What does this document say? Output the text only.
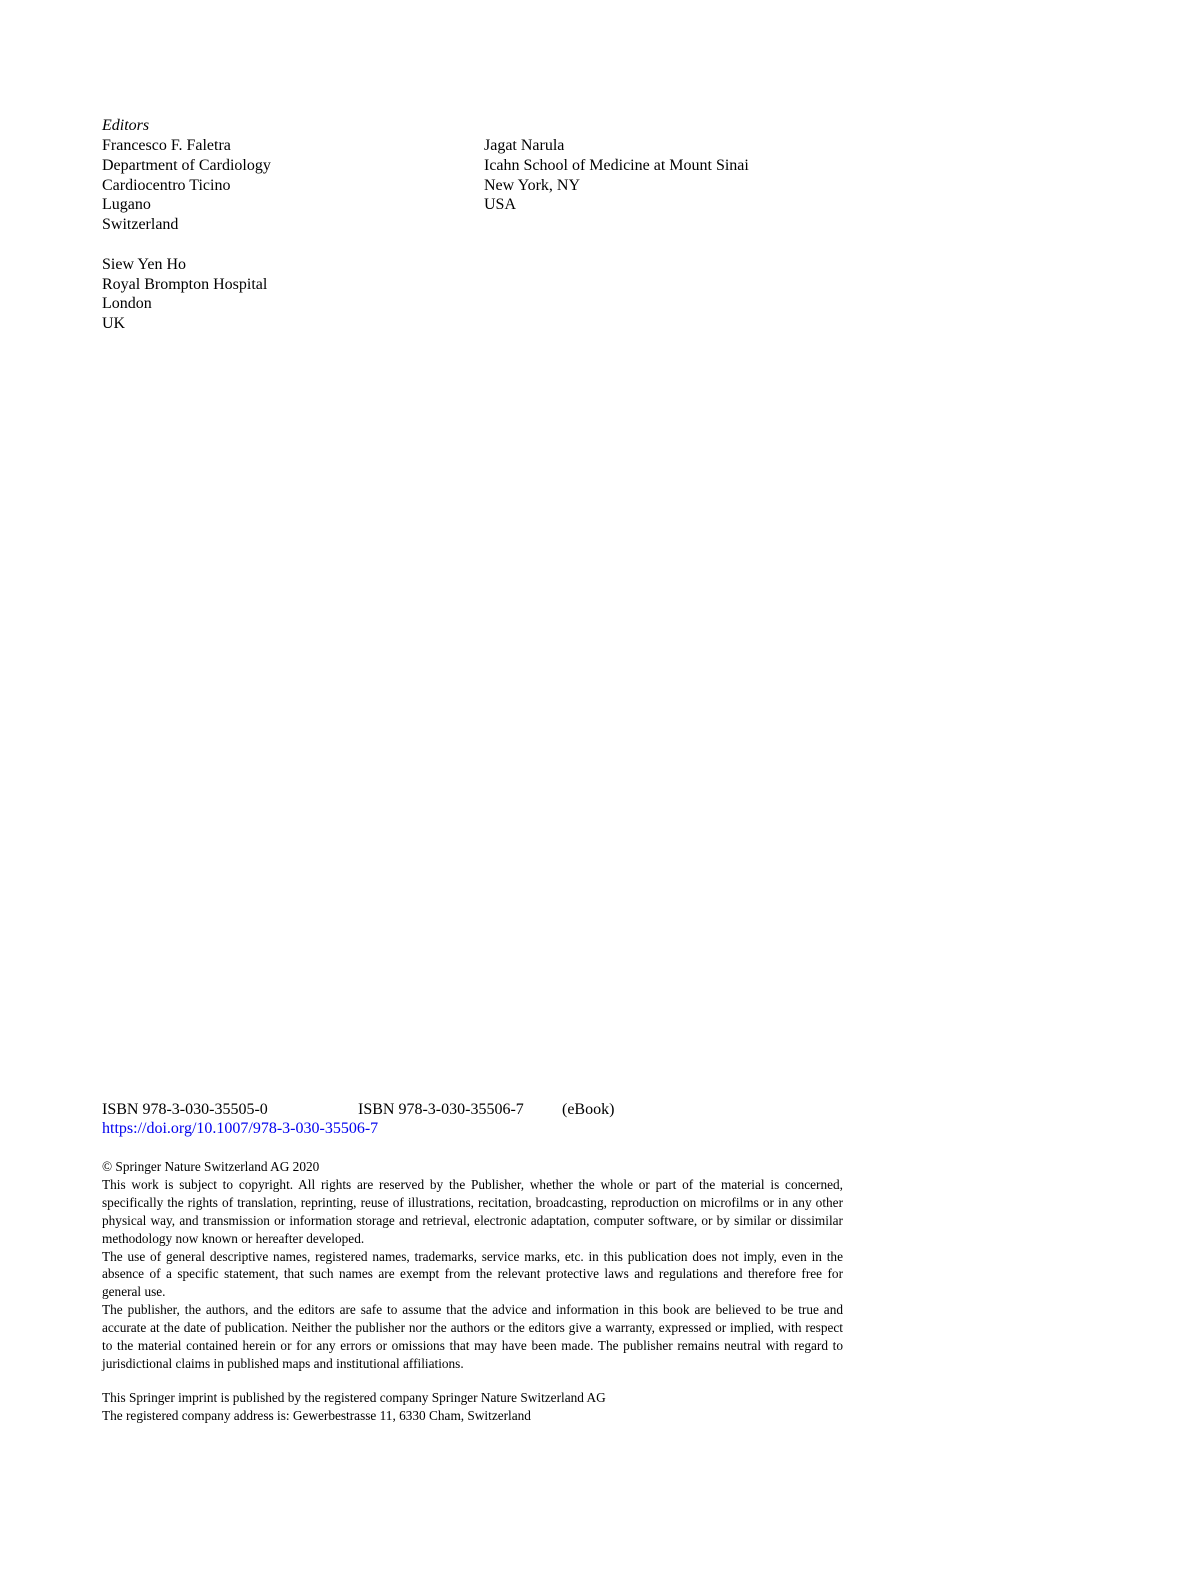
Editors
Francesco F. Faletra
Department of Cardiology
Cardiocentro Ticino
Lugano
Switzerland
Siew Yen Ho
Royal Brompton Hospital
London
UK
Jagat Narula
Icahn School of Medicine at Mount Sinai
New York, NY
USA
ISBN 978-3-030-35505-0	ISBN 978-3-030-35506-7 (eBook)
https://doi.org/10.1007/978-3-030-35506-7

© Springer Nature Switzerland AG 2020

This work is subject to copyright. All rights are reserved by the Publisher, whether the whole or part of the material is concerned, specifically the rights of translation, reprinting, reuse of illustrations, recitation, broadcasting, reproduction on microfilms or in any other physical way, and transmission or information storage and retrieval, electronic adaptation, computer software, or by similar or dissimilar methodology now known or hereafter developed.

The use of general descriptive names, registered names, trademarks, service marks, etc. in this publication does not imply, even in the absence of a specific statement, that such names are exempt from the relevant protective laws and regulations and therefore free for general use.

The publisher, the authors, and the editors are safe to assume that the advice and information in this book are believed to be true and accurate at the date of publication. Neither the publisher nor the authors or the editors give a warranty, expressed or implied, with respect to the material contained herein or for any errors or omissions that may have been made. The publisher remains neutral with regard to jurisdictional claims in published maps and institutional affiliations.

This Springer imprint is published by the registered company Springer Nature Switzerland AG

The registered company address is: Gewerbestrasse 11, 6330 Cham, Switzerland
